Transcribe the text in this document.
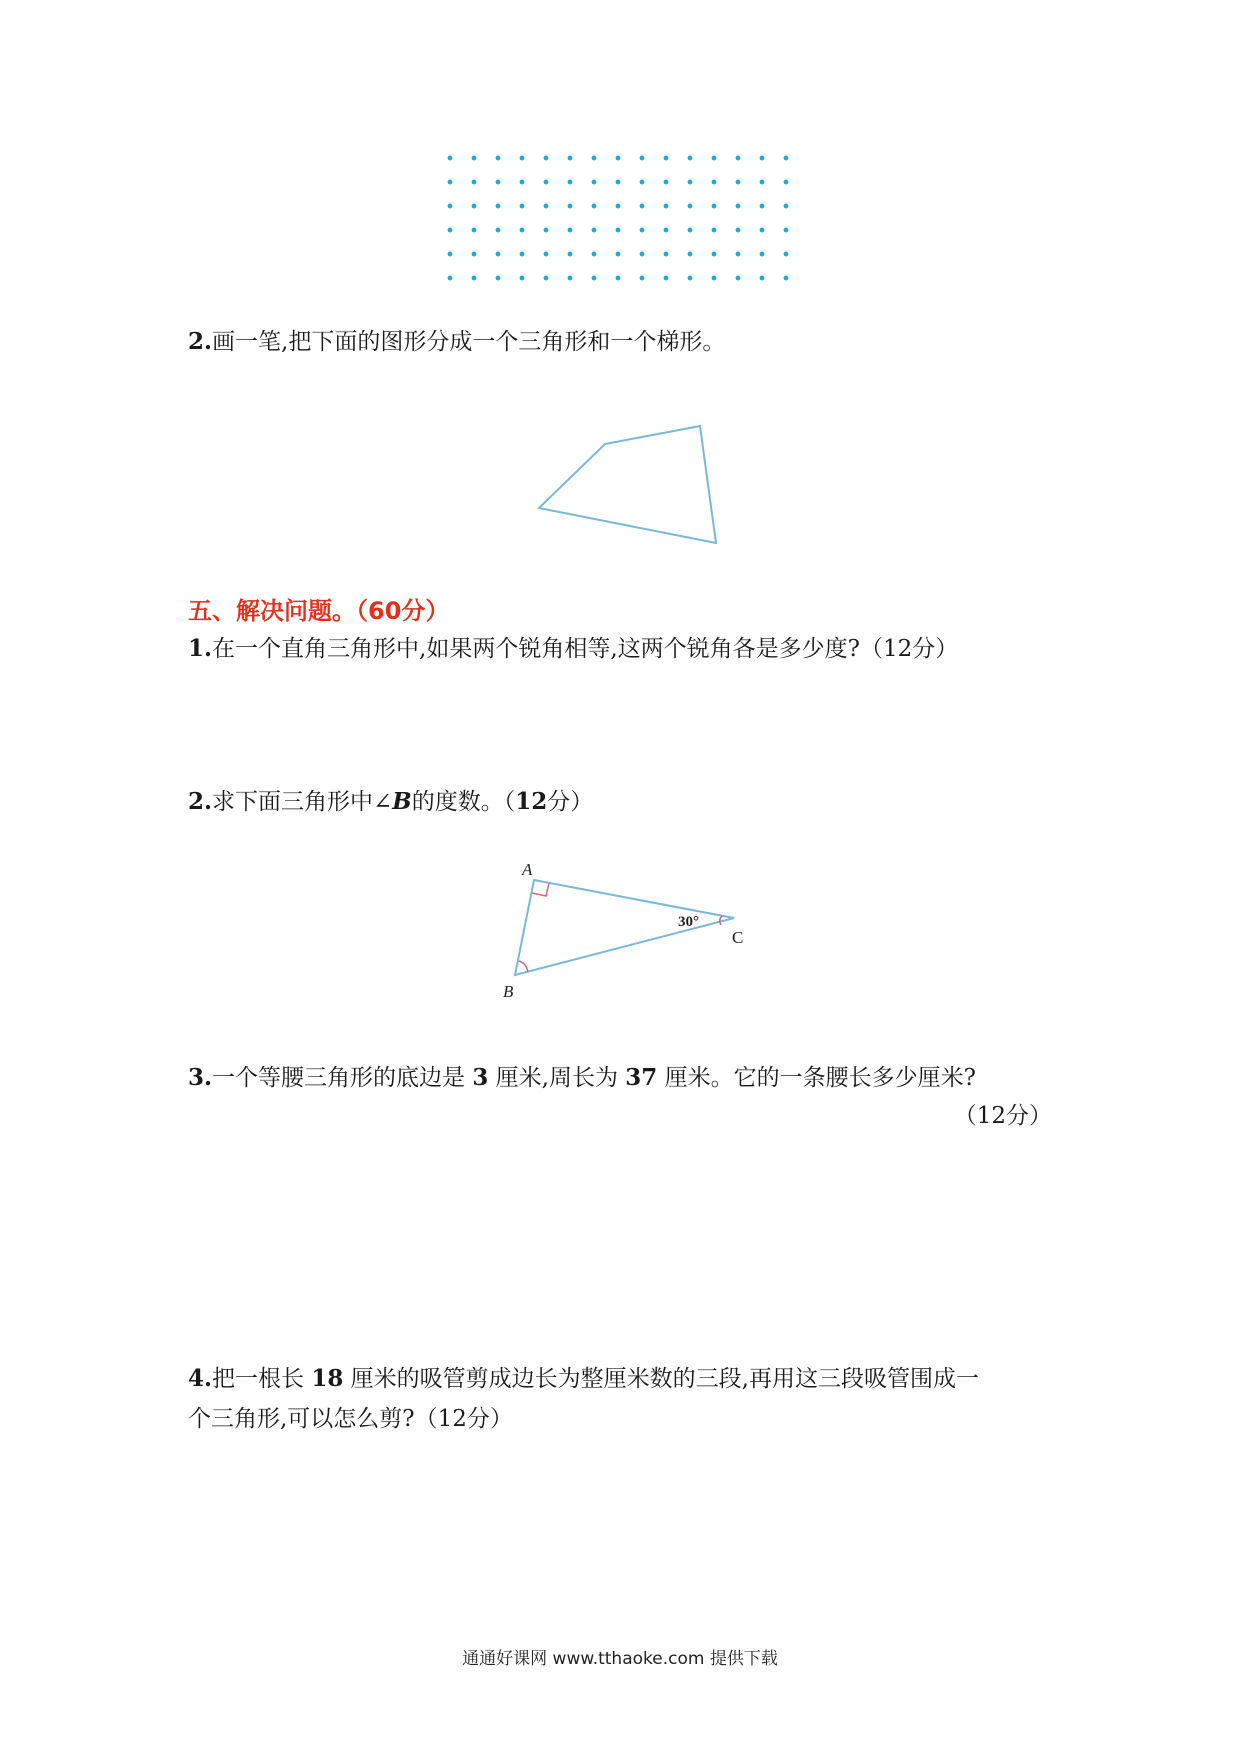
2.画一笔,把下面的图形分成一个三角形和一个梯形。
五、解决问题。（60分）
1.在一个直角三角形中,如果两个锐角相等,这两个锐角各是多少度?（12分）
2.求下面三角形中∠B的度数。（12分）
A
B
C
30°
3.一个等腰三角形的底边是 3 厘米,周长为 37 厘米。它的一条腰长多少厘米?
（12分）
4.把一根长 18 厘米的吸管剪成边长为整厘米数的三段,再用这三段吸管围成一
个三角形,可以怎么剪?（12分）
通通好课网 www.tthaoke.com 提供下载
